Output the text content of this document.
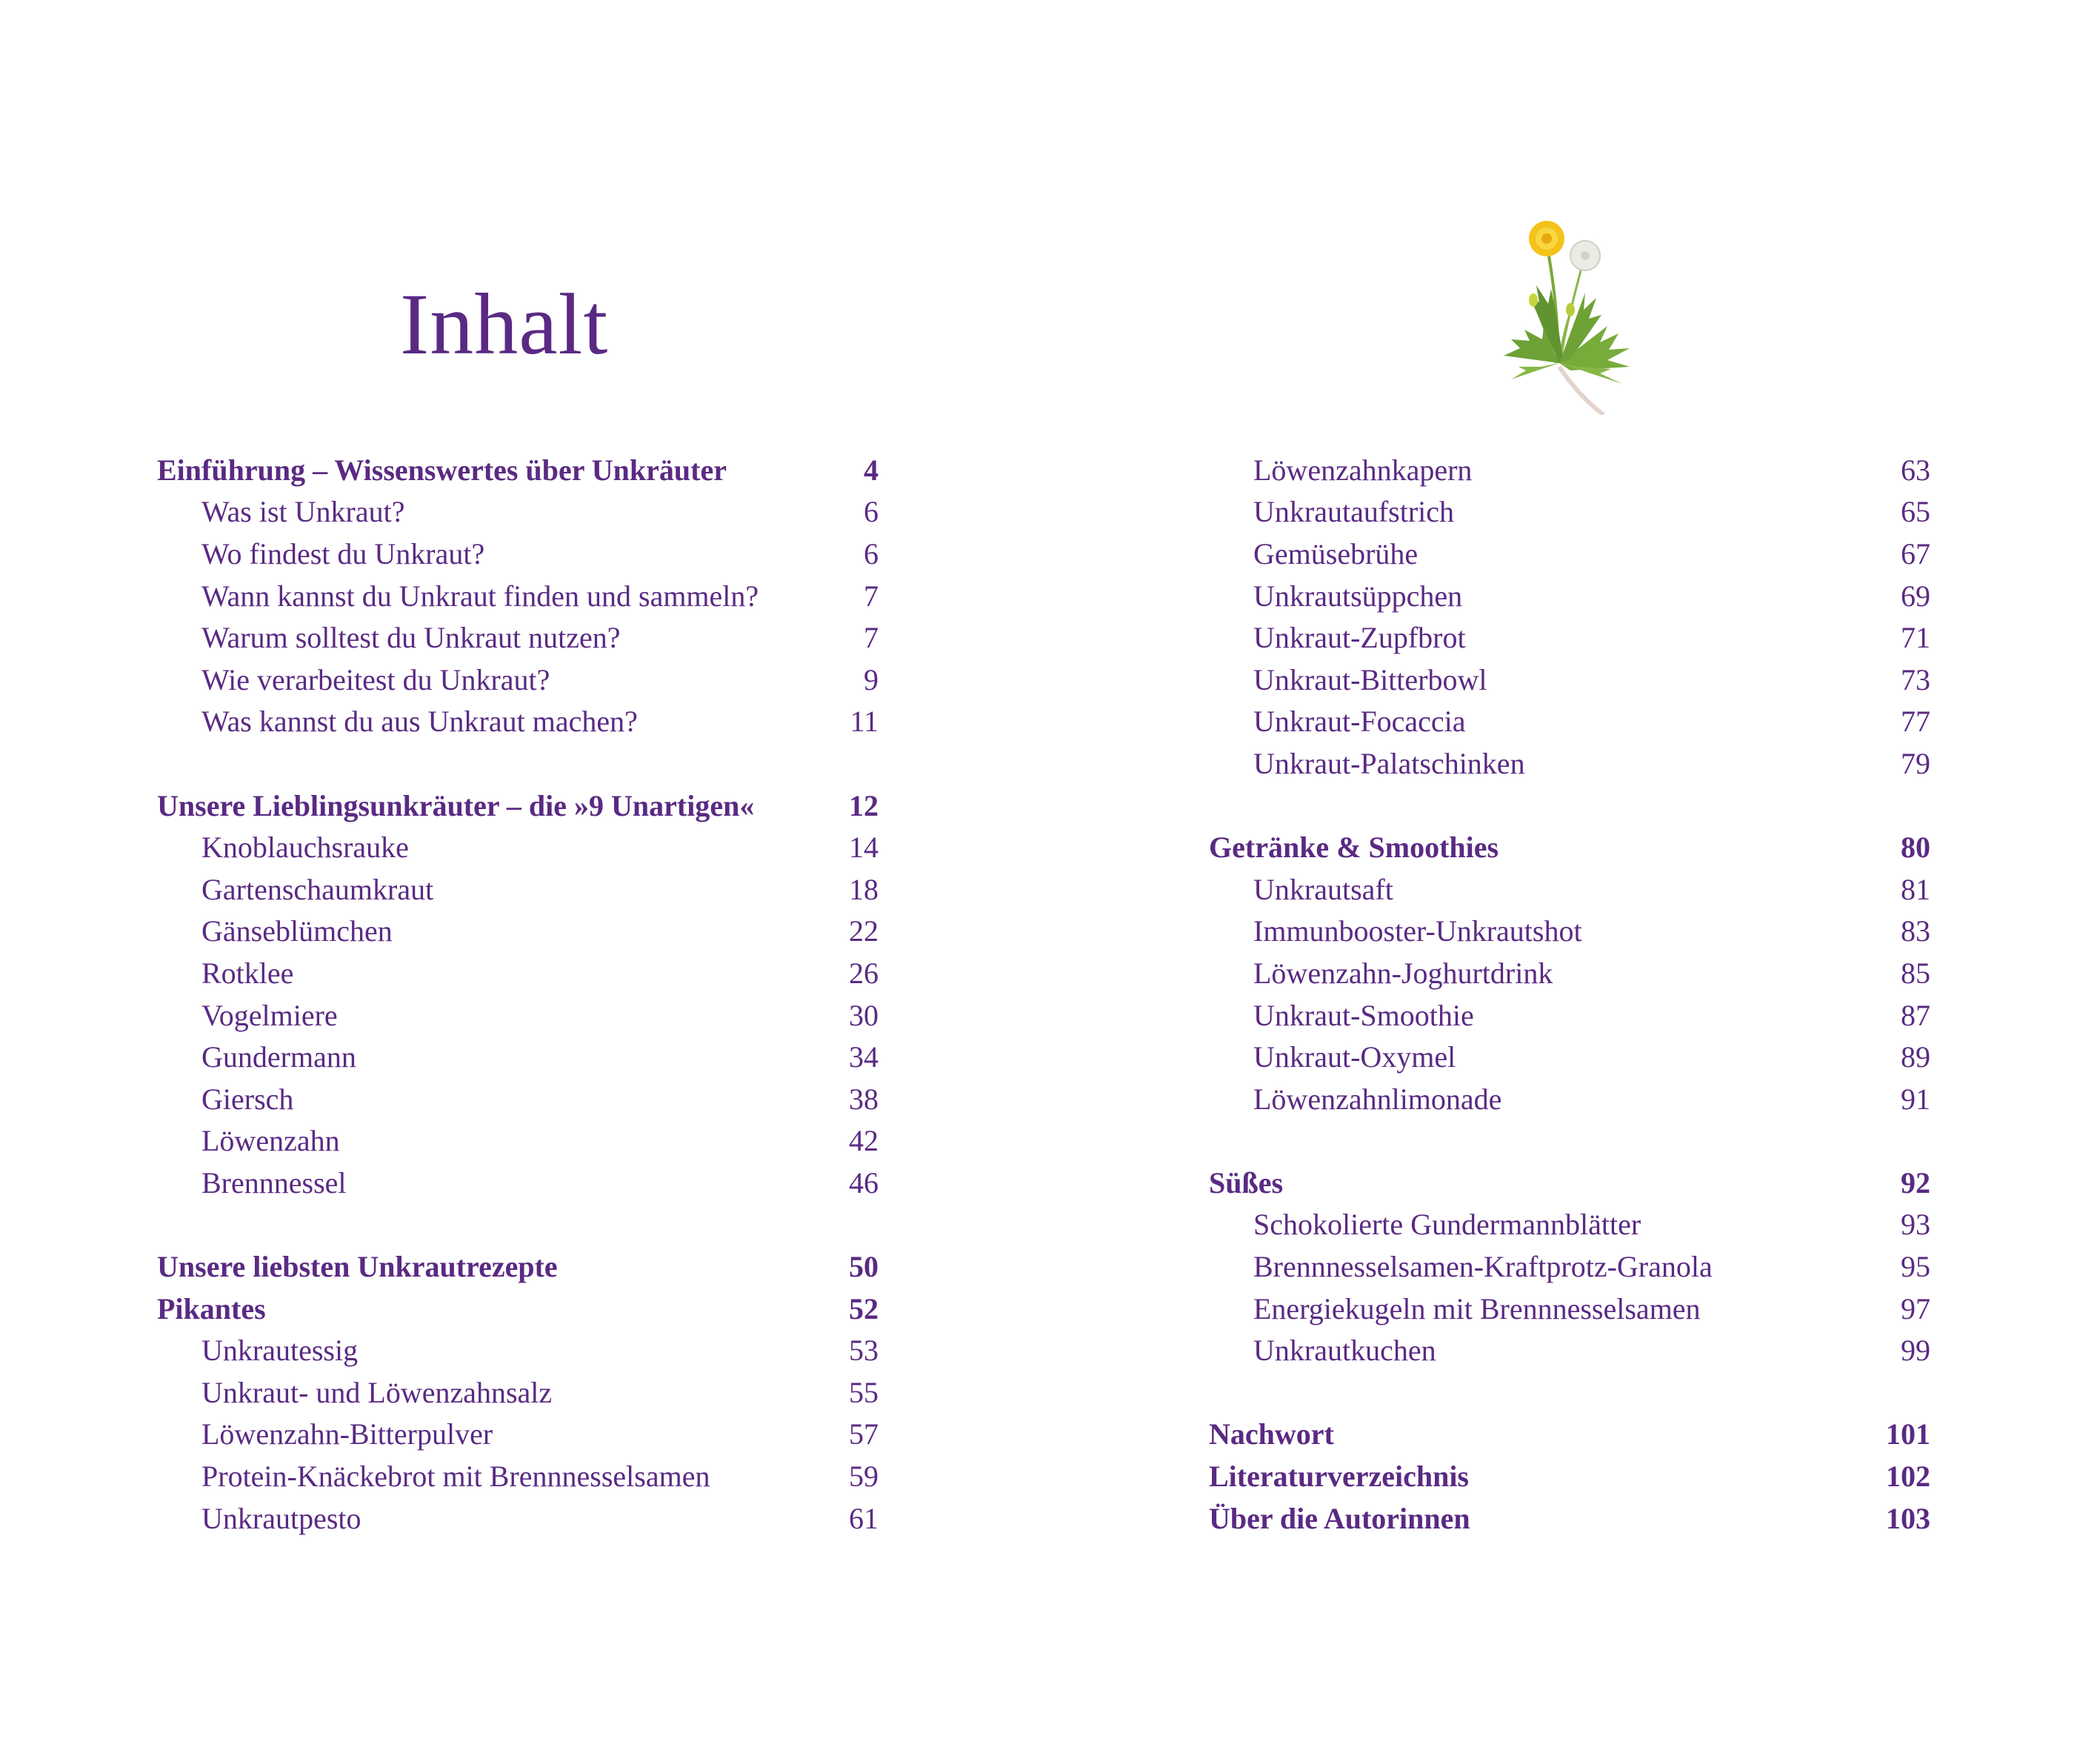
Inhalt
Einführung – Wissenswertes über Unkräuter	4
Was ist Unkraut?	6
Wo findest du Unkraut?	6
Wann kannst du Unkraut finden und sammeln?	7
Warum solltest du Unkraut nutzen?	7
Wie verarbeitest du Unkraut?	9
Was kannst du aus Unkraut machen?	11
Unsere Lieblingsunkräuter – die »9 Unartigen«	12
Knoblauchsrauke	14
Gartenschaumkraut	18
Gänseblümchen	22
Rotklee	26
Vogelmiere	30
Gundermann	34
Giersch	38
Löwenzahn	42
Brennnessel	46
Unsere liebsten Unkrautrezepte	50
Pikantes	52
Unkrautessig	53
Unkraut- und Löwenzahnsalz	55
Löwenzahn-Bitterpulver	57
Protein-Knäckebrot mit Brennnesselsamen	59
Unkrautpesto	61
Löwenzahnkapern	63
Unkrautaufstrich	65
Gemüsebrühe	67
Unkrautsüppchen	69
Unkraut-Zupfbrot	71
Unkraut-Bitterbowl	73
Unkraut-Focaccia	77
Unkraut-Palatschinken	79
Getränke & Smoothies	80
Unkrautsaft	81
Immunbooster-Unkrautshot	83
Löwenzahn-Joghurtdrink	85
Unkraut-Smoothie	87
Unkraut-Oxymel	89
Löwenzahnlimonade	91
Süßes	92
Schokolierte Gundermannblätter	93
Brennnesselsamen-Kraftprotz-Granola	95
Energiekugeln mit Brennnesselsamen	97
Unkrautkuchen	99
Nachwort	101
Literaturverzeichnis	102
Über die Autorinnen	103
